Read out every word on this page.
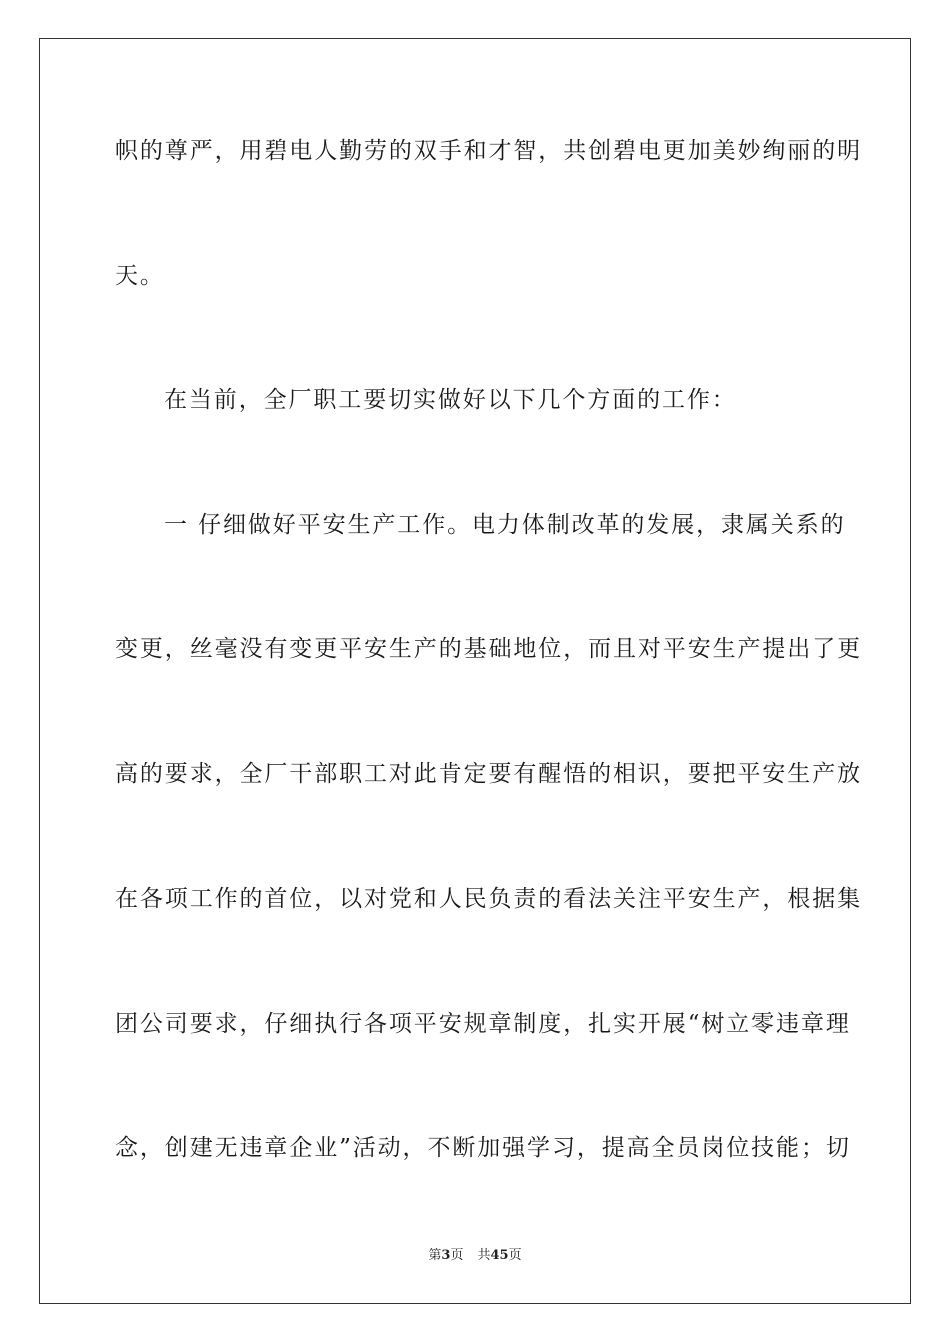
帜的尊严，用碧电人勤劳的双手和才智，共创碧电更加美妙绚丽的明
天。
在当前，全厂职工要切实做好以下几个方面的工作：
一 仔细做好平安生产工作。电力体制改革的发展，隶属关系的
变更，丝毫没有变更平安生产的基础地位，而且对平安生产提出了更
高的要求，全厂干部职工对此肯定要有醒悟的相识，要把平安生产放
在各项工作的首位，以对党和人民负责的看法关注平安生产，根据集
团公司要求，仔细执行各项平安规章制度，扎实开展“树立零违章理
念，创建无违章企业”活动，不断加强学习，提高全员岗位技能；切
第3页 共45页
